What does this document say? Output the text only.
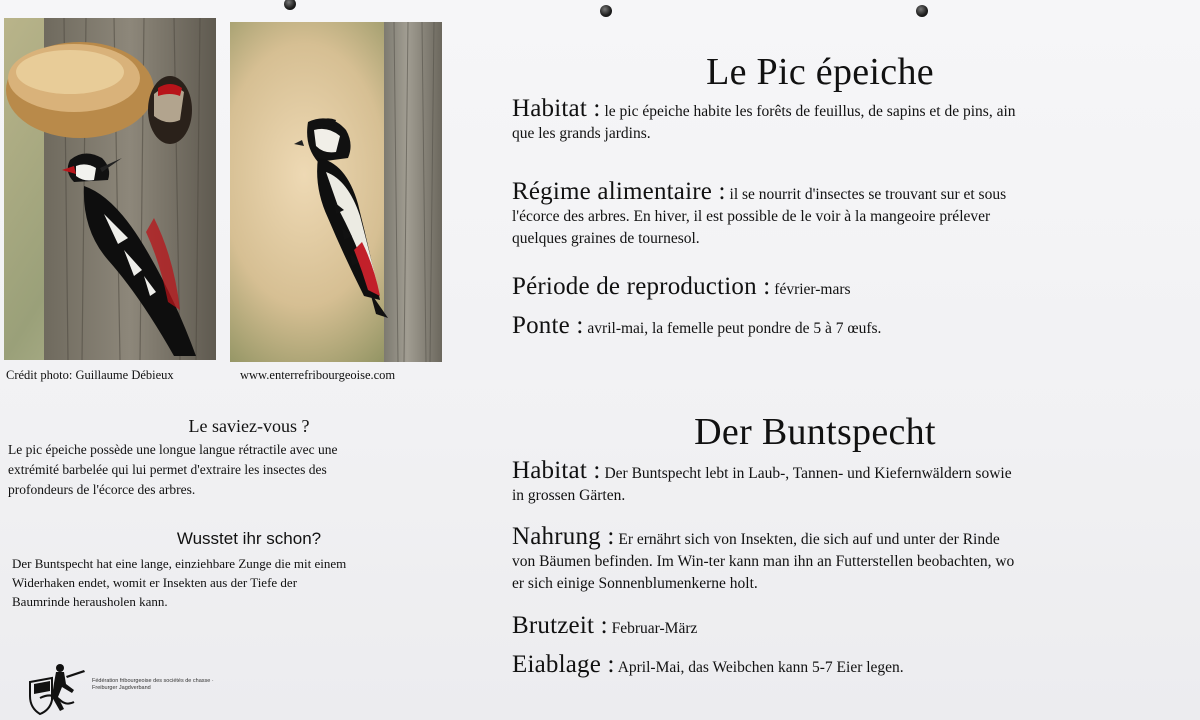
Crédit photo: Guillaume Débieux	www.enterrefribourgeoise.com
Le saviez-vous ?
Le pic épeiche possède une longue langue rétractile avec une
extrémité barbelée qui lui permet d'extraire les insectes des
profondeurs de l'écorce des arbres.
Wusstet ihr schon?
Der Buntspecht hat eine lange, einziehbare Zunge die mit einem
Widerhaken endet, womit er Insekten aus der Tiefe der
Baumrinde herausholen kann.
Fédération fribourgeoise des sociétés de chasse · Freiburger Jagdverband
Le Pic épeiche
Habitat : le pic épeiche habite les forêts de feuillus, de sapins et de pins, ain
que les grands jardins.
Régime alimentaire : il se nourrit d'insectes se trouvant sur et sous
l'écorce des arbres. En hiver, il est possible de le voir à la mangeoire prélever
quelques graines de tournesol.
Période de reproduction : février-mars
Ponte : avril-mai, la femelle peut pondre de 5 à 7 œufs.
Der Buntspecht
Habitat : Der Buntspecht lebt in Laub-, Tannen- und Kiefernwäldern sowie
in grossen Gärten.
Nahrung : Er ernährt sich von Insekten, die sich auf und unter der Rinde
von Bäumen befinden. Im Win-ter kann man ihn an Futterstellen beobachten, wo
er sich einige Sonnenblumenkerne holt.
Brutzeit : Februar-März
Eiablage : April-Mai, das Weibchen kann 5-7 Eier legen.
